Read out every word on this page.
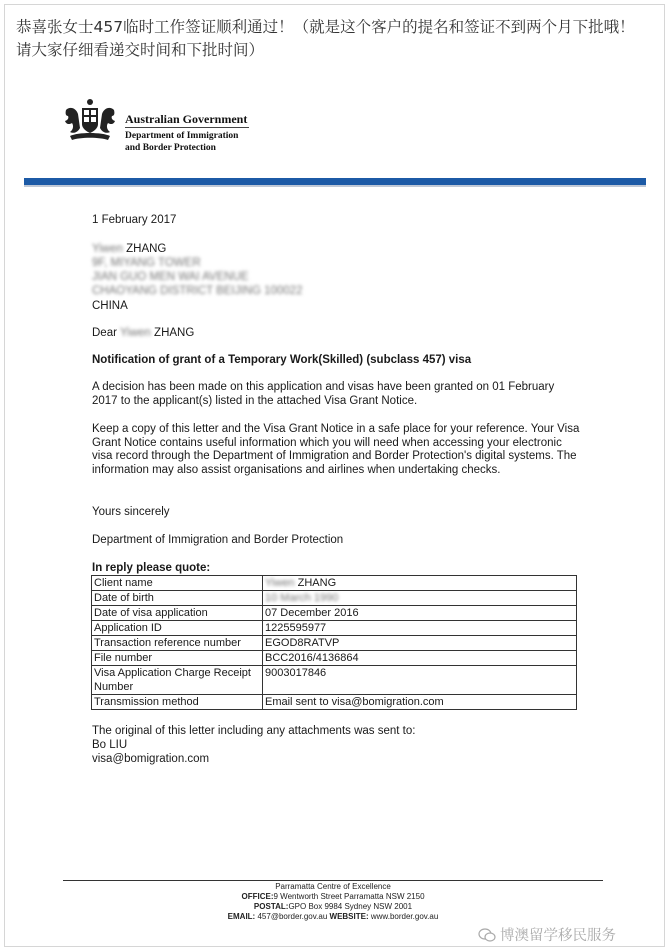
恭喜张女士457临时工作签证顺利通过！（就是这个客户的提名和签证不到两个月下批哦！请大家仔细看递交时间和下批时间）
Australian Government
Department of Immigration
and Border Protection
1 February 2017
Yiwen ZHANG
9F, MIYANG TOWER
JIAN GUO MEN WAI AVENUE
CHAOYANG DISTRICT BEIJING 100022
CHINA
Dear Yiwen ZHANG
Notification of grant of a Temporary Work(Skilled) (subclass 457) visa
A decision has been made on this application and visas have been granted on 01 February 2017 to the applicant(s) listed in the attached Visa Grant Notice.
Keep a copy of this letter and the Visa Grant Notice in a safe place for your reference. Your Visa Grant Notice contains useful information which you will need when accessing your electronic visa record through the Department of Immigration and Border Protection's digital systems. The information may also assist organisations and airlines when undertaking checks.
Yours sincerely
Department of Immigration and Border Protection
In reply please quote:
Client name	Yiwen ZHANG
Date of birth	10 March 1990
Date of visa application	07 December 2016
Application ID	1225595977
Transaction reference number	EGOD8RATVP
File number	BCC2016/4136864
Visa Application Charge Receipt Number	9003017846
Transmission method	Email sent to visa@bomigration.com
The original of this letter including any attachments was sent to:
Bo LIU
visa@bomigration.com
Parramatta Centre of Excellence
OFFICE:9 Wentworth Street Parramatta NSW 2150
POSTAL:GPO Box 9984 Sydney NSW 2001
EMAIL: 457@border.gov.au WEBSITE: www.border.gov.au
博澳留学移民服务
